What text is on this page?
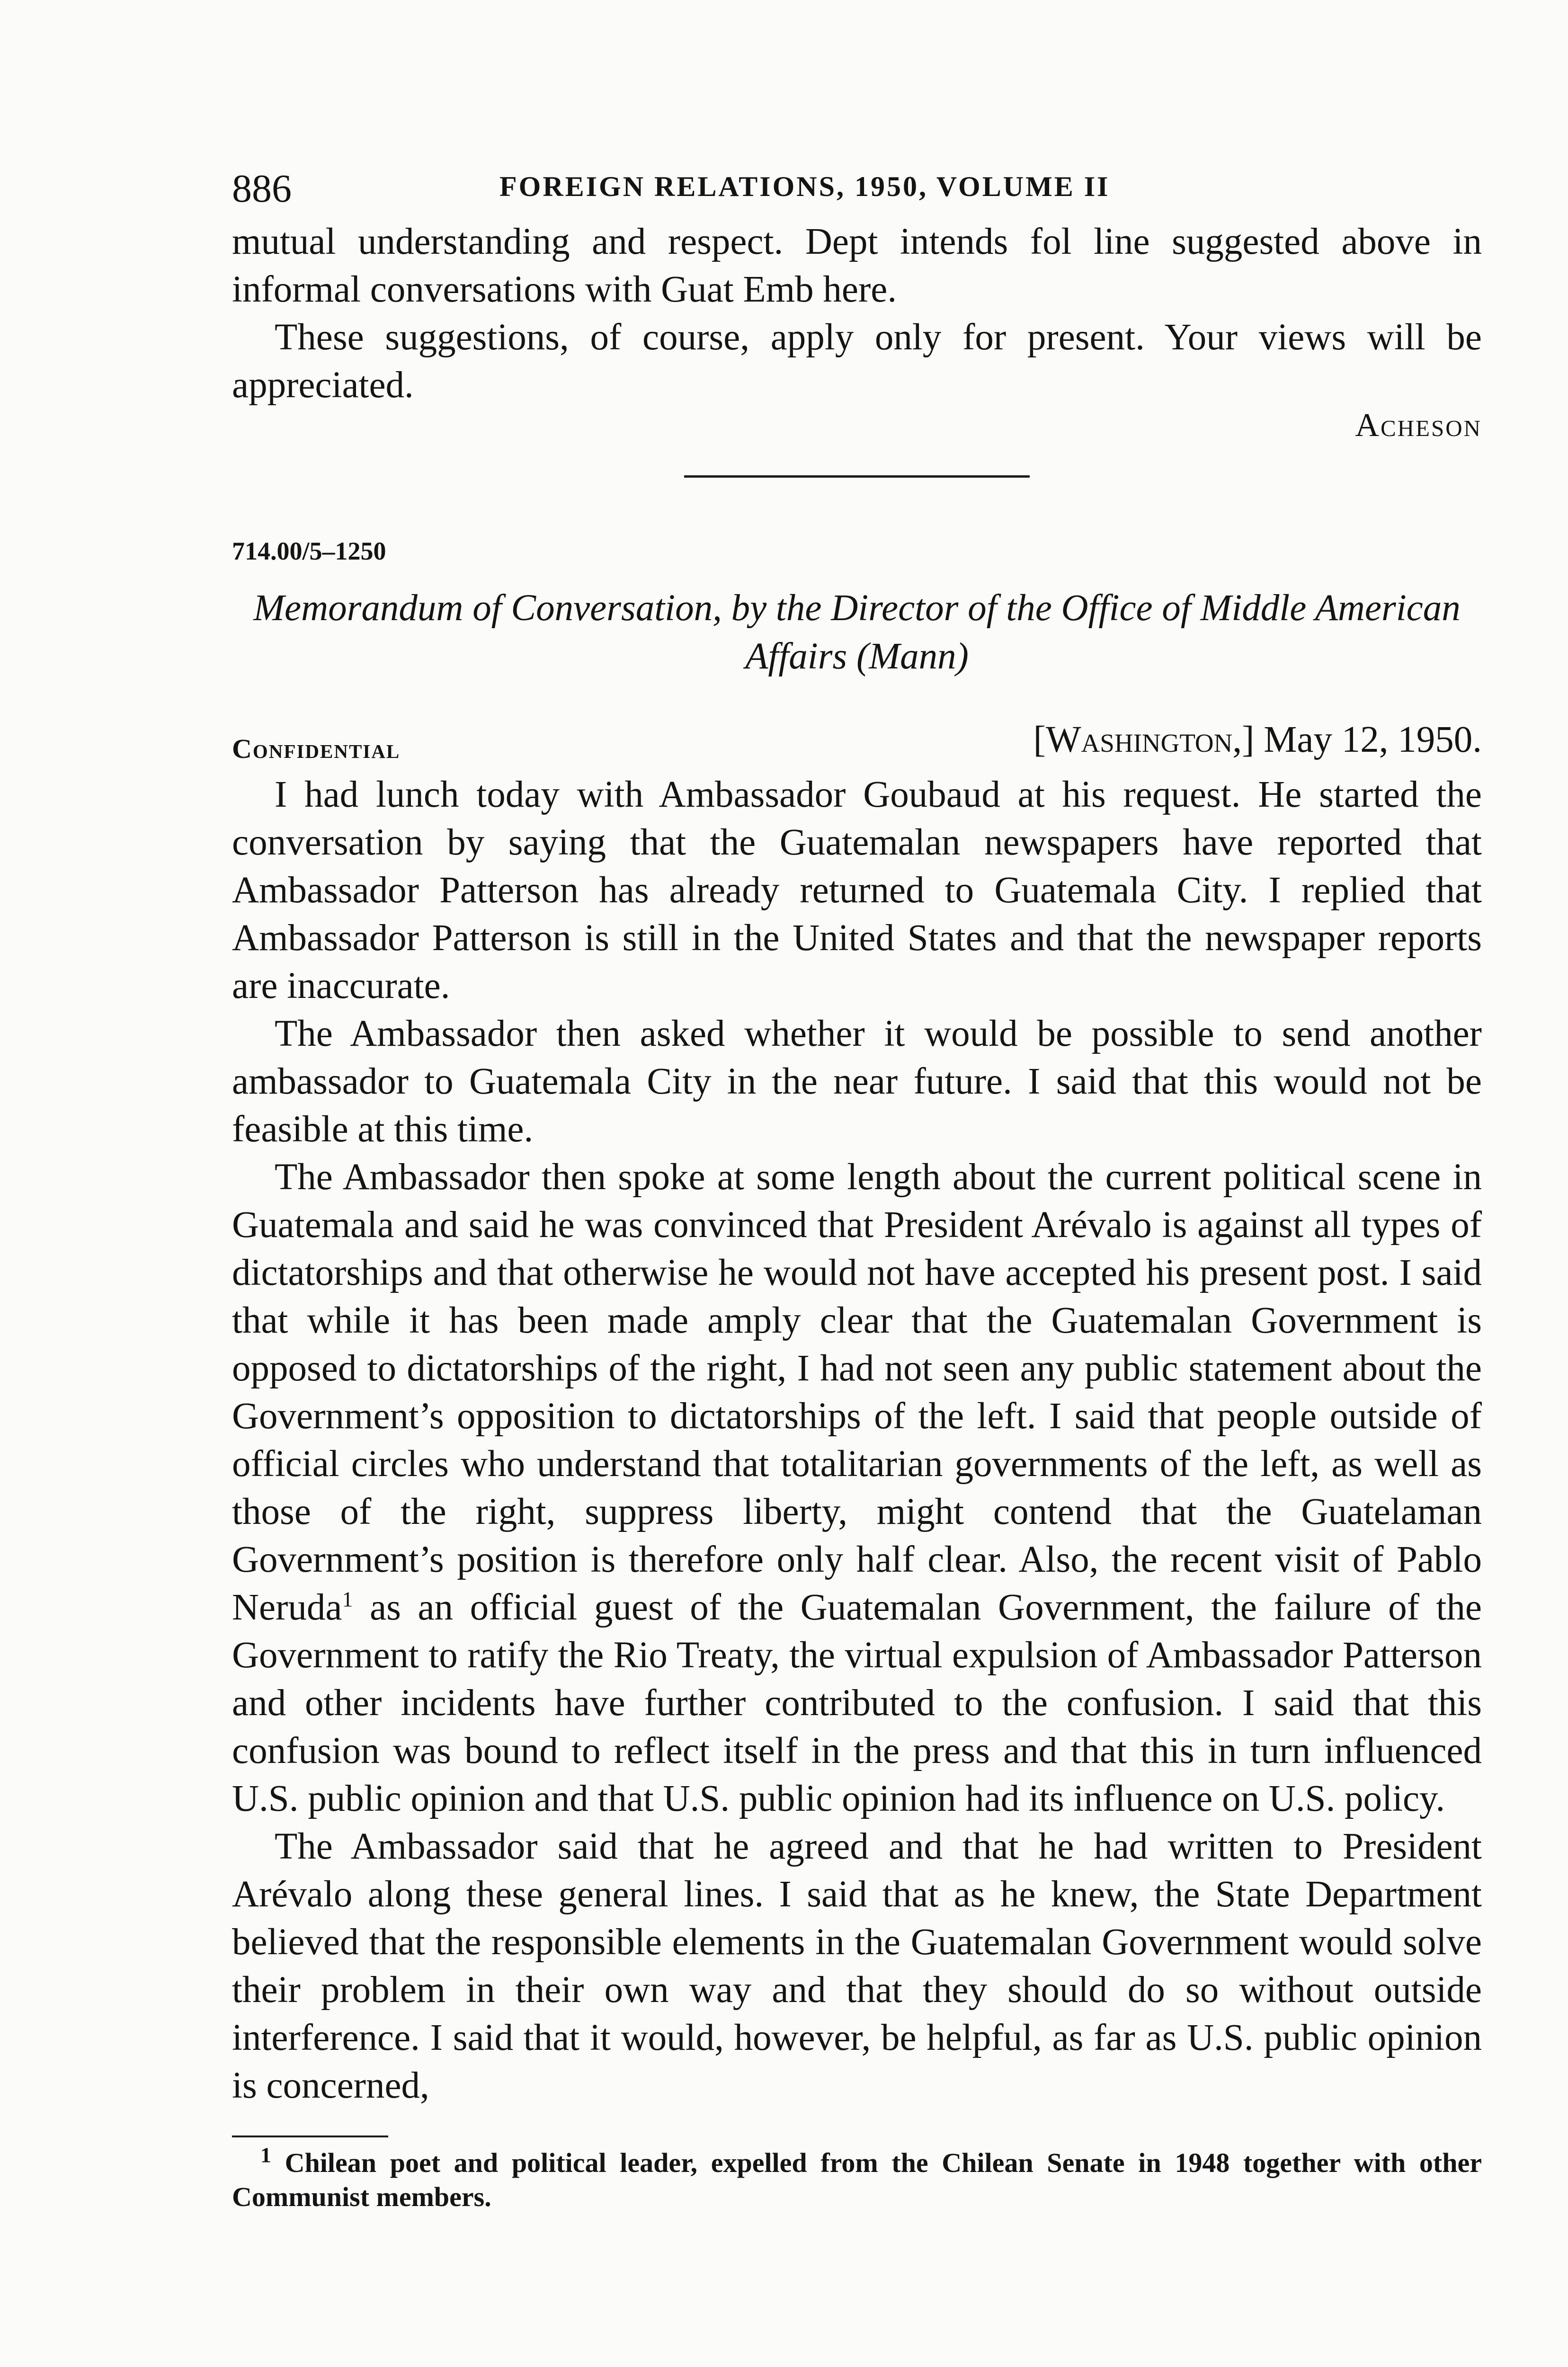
886	FOREIGN RELATIONS, 1950, VOLUME II

mutual understanding and respect. Dept intends fol line suggested above in informal conversations with Guat Emb here.

These suggestions, of course, apply only for present. Your views will be appreciated.

Acheson
714.00/5–1250
Memorandum of Conversation, by the Director of the Office of Middle American Affairs (Mann)
Confidential	[Washington,] May 12, 1950.

I had lunch today with Ambassador Goubaud at his request. He started the conversation by saying that the Guatemalan newspapers have reported that Ambassador Patterson has already returned to Guatemala City. I replied that Ambassador Patterson is still in the United States and that the newspaper reports are inaccurate.

The Ambassador then asked whether it would be possible to send another ambassador to Guatemala City in the near future. I said that this would not be feasible at this time.

The Ambassador then spoke at some length about the current political scene in Guatemala and said he was convinced that President Arévalo is against all types of dictatorships and that otherwise he would not have accepted his present post. I said that while it has been made amply clear that the Guatemalan Government is opposed to dictatorships of the right, I had not seen any public statement about the Government’s opposition to dictatorships of the left. I said that people outside of official circles who understand that totalitarian governments of the left, as well as those of the right, suppress liberty, might contend that the Guatelaman Government’s position is therefore only half clear. Also, the recent visit of Pablo Neruda$^1$ as an official guest of the Guatemalan Government, the failure of the Government to ratify the Rio Treaty, the virtual expulsion of Ambassador Patterson and other incidents have further contributed to the confusion. I said that this confusion was bound to reflect itself in the press and that this in turn influenced U.S. public opinion and that U.S. public opinion had its influence on U.S. policy.

The Ambassador said that he agreed and that he had written to President Arévalo along these general lines. I said that as he knew, the State Department believed that the responsible elements in the Guatemalan Government would solve their problem in their own way and that they should do so without outside interference. I said that it would, however, be helpful, as far as U.S. public opinion is concerned,

$^1$ Chilean poet and political leader, expelled from the Chilean Senate in 1948 together with other Communist members.
